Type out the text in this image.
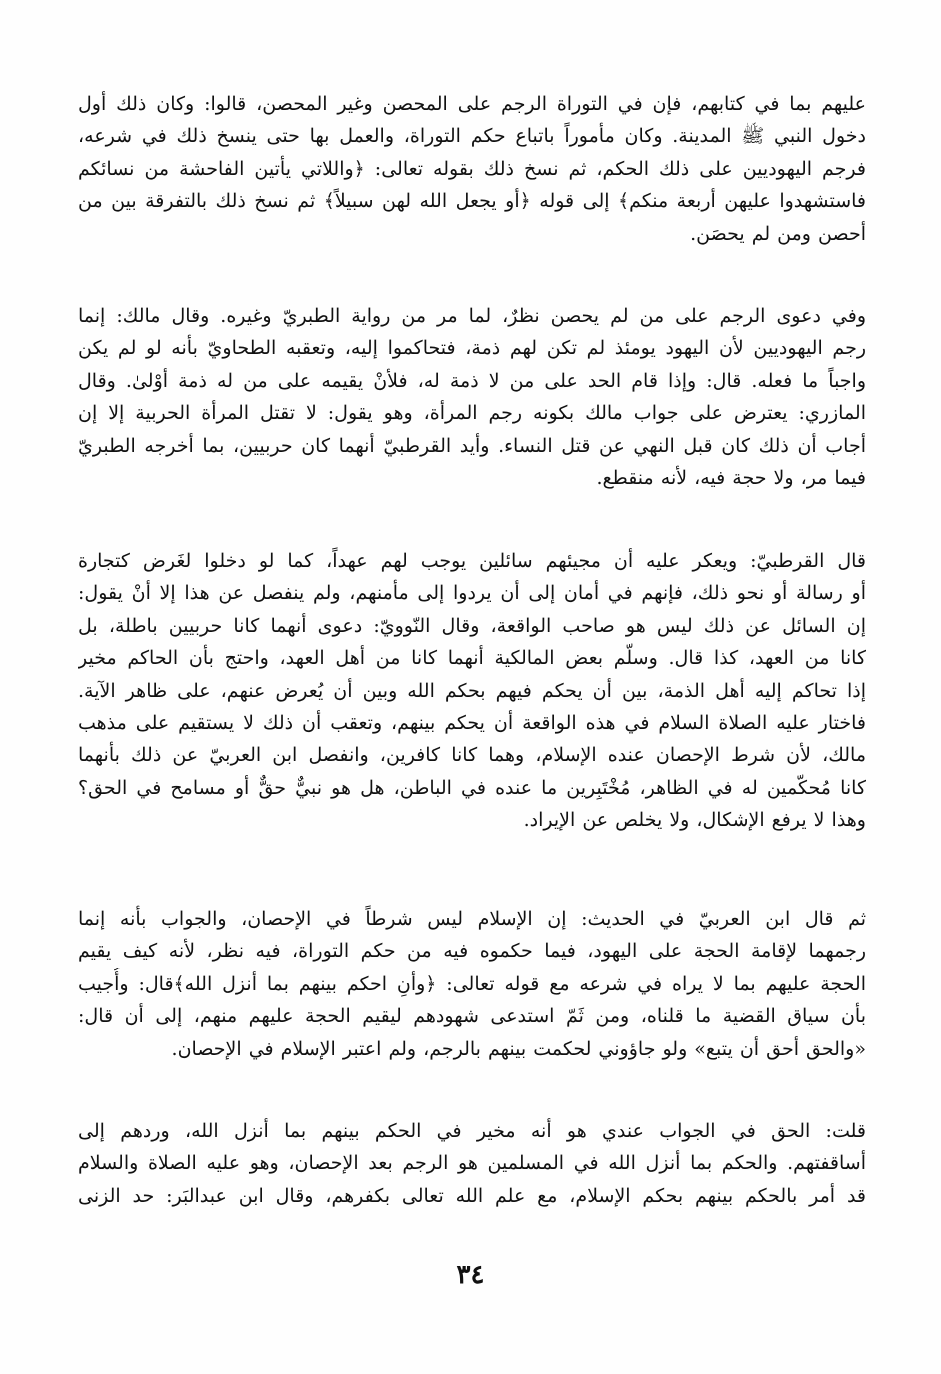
عليهم بما في كتابهم، فإن في التوراة الرجم على المحصن وغير المحصن، قالوا: وكان ذلك أول
دخول النبي ﷺ المدينة. وكان مأموراً باتباع حكم التوراة، والعمل بها حتى ينسخ ذلك في شرعه،
فرجم اليهوديين على ذلك الحكم، ثم نسخ ذلك بقوله تعالى: ﴿واللاتي يأتين الفاحشة من نسائكم
فاستشهدوا عليهن أربعة منكم﴾ إلى قوله ﴿أو يجعل الله لهن سبيلاً﴾ ثم نسخ ذلك بالتفرقة بين من
أحصن ومن لم يحصَن.
وفي دعوى الرجم على من لم يحصن نظرٌ، لما مر من رواية الطبريّ وغيره. وقال مالك: إنما
رجم اليهوديين لأن اليهود يومئذ لم تكن لهم ذمة، فتحاكموا إليه، وتعقبه الطحاويّ بأنه لو لم يكن
واجباً ما فعله. قال: وإذا قام الحد على من لا ذمة له، فلأنْ يقيمه على من له ذمة أوْلىٰ. وقال
المازري: يعترض على جواب مالك بكونه رجم المرأة، وهو يقول: لا تقتل المرأة الحربية إلا إن
أجاب أن ذلك كان قبل النهي عن قتل النساء. وأيد القرطبيّ أنهما كان حربيين، بما أخرجه الطبريّ
فيما مر، ولا حجة فيه، لأنه منقطع.
قال القرطبيّ: ويعكر عليه أن مجيئهم سائلين يوجب لهم عهداً، كما لو دخلوا لغَرض كتجارة
أو رسالة أو نحو ذلك، فإنهم في أمان إلى أن يردوا إلى مأمنهم، ولم ينفصل عن هذا إلا أنْ يقول:
إن السائل عن ذلك ليس هو صاحب الواقعة، وقال النّوويّ: دعوى أنهما كانا حربيين باطلة، بل
كانا من العهد، كذا قال. وسلّم بعض المالكية أنهما كانا من أهل العهد، واحتج بأن الحاكم مخير
إذا تحاكم إليه أهل الذمة، بين أن يحكم فيهم بحكم الله وبين أن يُعرض عنهم، على ظاهر الآية.
فاختار عليه الصلاة السلام في هذه الواقعة أن يحكم بينهم، وتعقب أن ذلك لا يستقيم على مذهب
مالك، لأن شرط الإحصان عنده الإسلام، وهما كانا كافرين، وانفصل ابن العربيّ عن ذلك بأنهما
كانا مُحكّمين له في الظاهر، مُخْتَبِرين ما عنده في الباطن، هل هو نبيٌّ حقٌّ أو مسامح في الحق؟
وهذا لا يرفع الإشكال، ولا يخلص عن الإيراد.
ثم قال ابن العربيّ في الحديث: إن الإسلام ليس شرطاً في الإحصان، والجواب بأنه إنما
رجمهما لإقامة الحجة على اليهود، فيما حكموه فيه من حكم التوراة، فيه نظر، لأنه كيف يقيم
الحجة عليهم بما لا يراه في شرعه مع قوله تعالى: ﴿وأنِ احكم بينهم بما أنزل الله﴾قال: وأُجيب
بأن سياق القضية ما قلناه، ومن ثَمّ استدعى شهودهم ليقيم الحجة عليهم منهم، إلى أن قال:
«والحق أحق أن يتبع» ولو جاؤوني لحكمت بينهم بالرجم، ولم اعتبر الإسلام في الإحصان.
قلت: الحق في الجواب عندي هو أنه مخير في الحكم بينهم بما أنزل الله، وردهم إلى
أساقفتهم. والحكم بما أنزل الله في المسلمين هو الرجم بعد الإحصان، وهو عليه الصلاة والسلام
قد أمر بالحكم بينهم بحكم الإسلام، مع علم الله تعالى بكفرهم، وقال ابن عبدالبَر: حد الزنى
٣٤
